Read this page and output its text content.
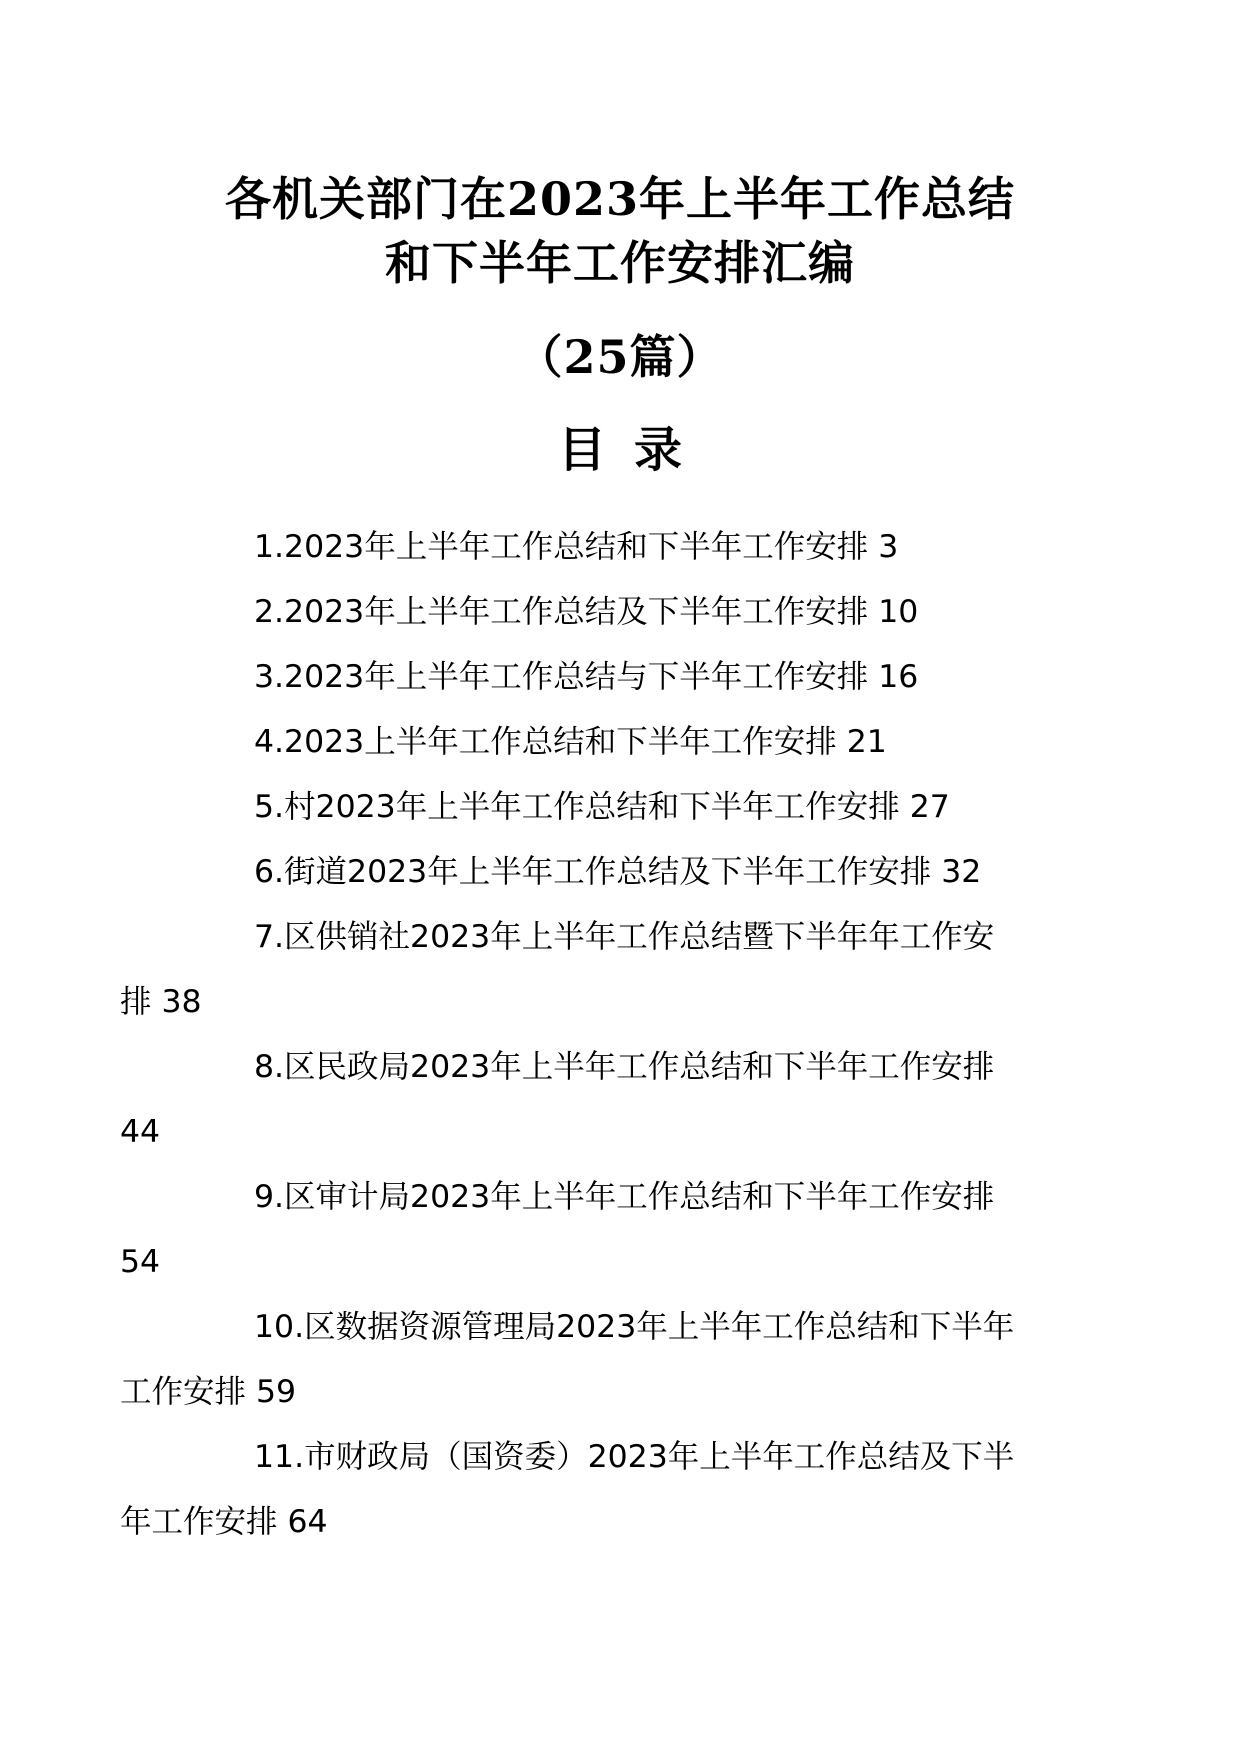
各机关部门在2023年上半年工作总结
和下半年工作安排汇编
（25篇）
目录
1.2023年上半年工作总结和下半年工作安排 3
2.2023年上半年工作总结及下半年工作安排 10
3.2023年上半年工作总结与下半年工作安排 16
4.2023上半年工作总结和下半年工作安排 21
5.村2023年上半年工作总结和下半年工作安排 27
6.街道2023年上半年工作总结及下半年工作安排 32
7.区供销社2023年上半年工作总结暨下半年年工作安
排 38
8.区民政局2023年上半年工作总结和下半年工作安排
44
9.区审计局2023年上半年工作总结和下半年工作安排
54
10.区数据资源管理局2023年上半年工作总结和下半年
工作安排 59
11.市财政局（国资委）2023年上半年工作总结及下半
年工作安排 64
